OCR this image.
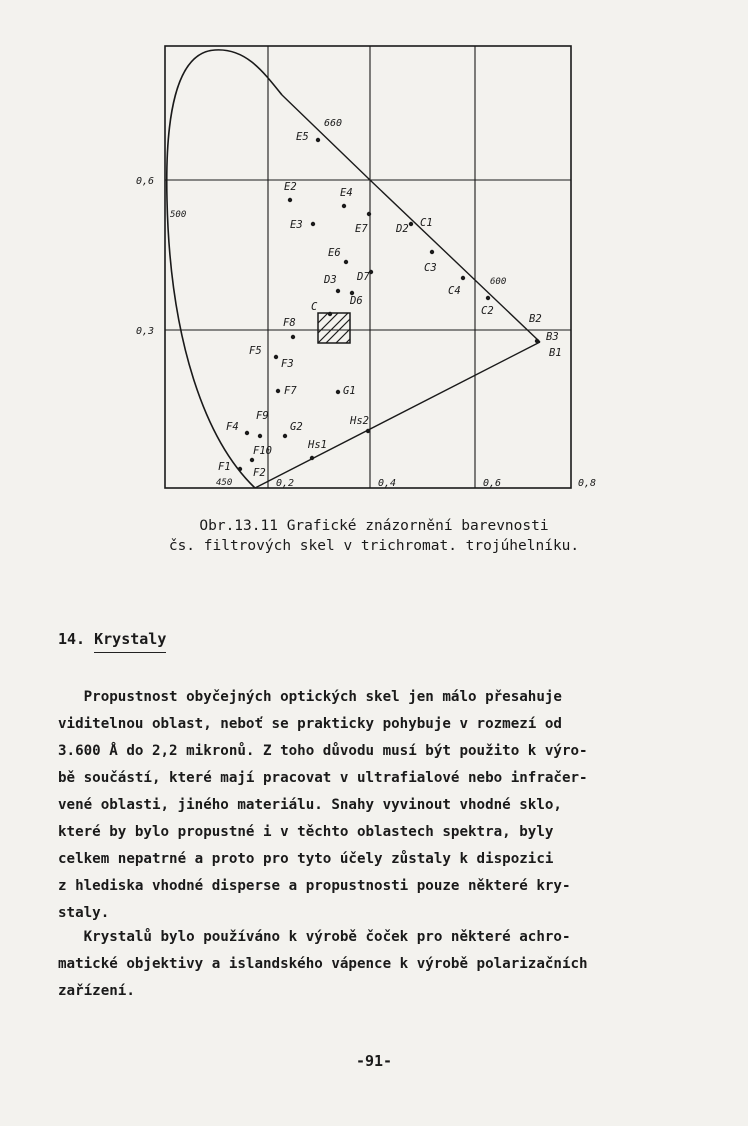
0,6
0,3
0,2	0,4	0,6	0,8
660
500
600
450
E5
E2	E4
E3	E7	D2 C1
E6
C3
D3 D7
C4
D6
C2
C
B2
B3
B1
F8
F5
F3
F7	G1
F9
G2	Hs2
F4
F10	Hs1
F1 F2
Obr.13.11 Grafické znázornění barevnosti
čs. filtrových skel v trichromat. trojúhelníku.
14. Krystaly
Propustnost obyčejných optických skel jen málo přesahuje
viditelnou oblast, neboť se prakticky pohybuje v rozmezí od
3.600 Å do 2,2 mikronů. Z toho důvodu musí být použito k výro-
bě součástí, které mají pracovat v ultrafialové nebo infračer-
vené oblasti, jiného materiálu. Snahy vyvinout vhodné sklo,
které by bylo propustné i v těchto oblastech spektra, byly
celkem nepatrné a proto pro tyto účely zůstaly k dispozici
z hlediska vhodné disperse a propustnosti pouze některé kry-
staly.
Krystalů bylo používáno k výrobě čoček pro některé achro-
matické objektivy a islandského vápence k výrobě polarizačních
zařízení.
-91-
